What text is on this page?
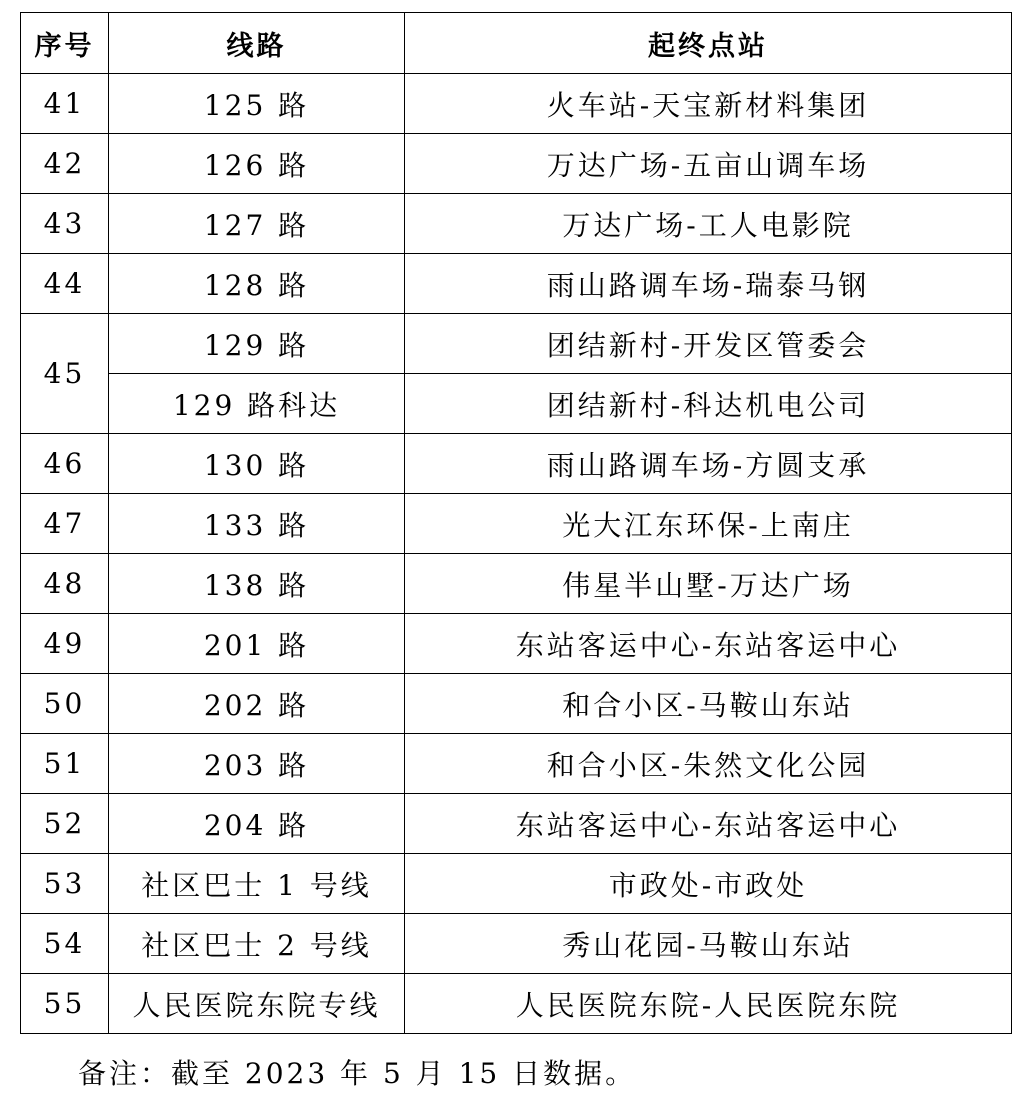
序号	线路	起终点站
41	125 路	火车站-天宝新材料集团
42	126 路	万达广场-五亩山调车场
43	127 路	万达广场-工人电影院
44	128 路	雨山路调车场-瑞泰马钢
45	129 路	团结新村-开发区管委会
	129 路科达	团结新村-科达机电公司
46	130 路	雨山路调车场-方圆支承
47	133 路	光大江东环保-上南庄
48	138 路	伟星半山墅-万达广场
49	201 路	东站客运中心-东站客运中心
50	202 路	和合小区-马鞍山东站
51	203 路	和合小区-朱然文化公园
52	204 路	东站客运中心-东站客运中心
53	社区巴士 1 号线	市政处-市政处
54	社区巴士 2 号线	秀山花园-马鞍山东站
55	人民医院东院专线	人民医院东院-人民医院东院
备注：截至 2023 年 5 月 15 日数据。
